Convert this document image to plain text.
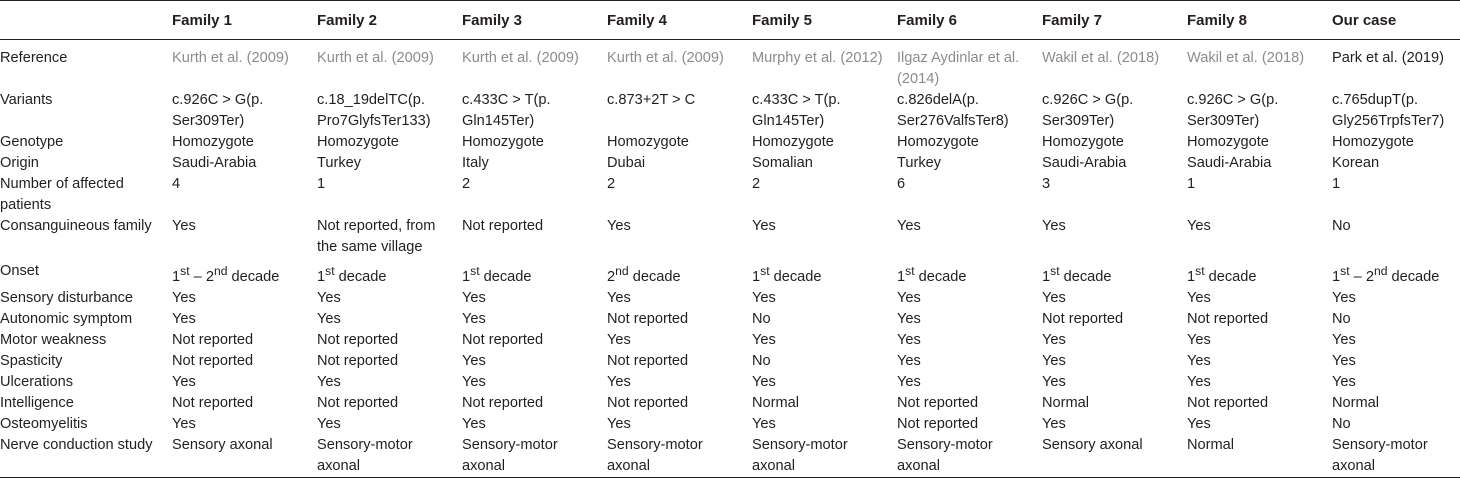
	Family 1	Family 2	Family 3	Family 4	Family 5	Family 6	Family 7	Family 8	Our case
Reference	Kurth et al. (2009)	Kurth et al. (2009)	Kurth et al. (2009)	Kurth et al. (2009)	Murphy et al. (2012)	Ilgaz Aydinlar et al. (2014)	Wakil et al. (2018)	Wakil et al. (2018)	Park et al. (2019)
Variants	c.926C > G(p. Ser309Ter)	c.18_19delTC(p. Pro7GlyfsTer133)	c.433C > T(p. Gln145Ter)	c.873+2T > C	c.433C > T(p. Gln145Ter)	c.826delA(p. Ser276ValfsTer8)	c.926C > G(p. Ser309Ter)	c.926C > G(p. Ser309Ter)	c.765dupT(p. Gly256TrpfsTer7)
Genotype	Homozygote	Homozygote	Homozygote	Homozygote	Homozygote	Homozygote	Homozygote	Homozygote	Homozygote
Origin	Saudi-Arabia	Turkey	Italy	Dubai	Somalian	Turkey	Saudi-Arabia	Saudi-Arabia	Korean
Number of affected patients	4	1	2	2	2	6	3	1	1
Consanguineous family	Yes	Not reported, from the same village	Not reported	Yes	Yes	Yes	Yes	Yes	No
Onset	1st – 2nd decade	1st decade	1st decade	2nd decade	1st decade	1st decade	1st decade	1st decade	1st – 2nd decade
Sensory disturbance	Yes	Yes	Yes	Yes	Yes	Yes	Yes	Yes	Yes
Autonomic symptom	Yes	Yes	Yes	Not reported	No	Yes	Not reported	Not reported	No
Motor weakness	Not reported	Not reported	Not reported	Yes	Yes	Yes	Yes	Yes	Yes
Spasticity	Not reported	Not reported	Yes	Not reported	No	Yes	Yes	Yes	Yes
Ulcerations	Yes	Yes	Yes	Yes	Yes	Yes	Yes	Yes	Yes
Intelligence	Not reported	Not reported	Not reported	Not reported	Normal	Not reported	Normal	Not reported	Normal
Osteomyelitis	Yes	Yes	Yes	Yes	Yes	Not reported	Yes	Yes	No
Nerve conduction study	Sensory axonal	Sensory-motor axonal	Sensory-motor axonal	Sensory-motor axonal	Sensory-motor axonal	Sensory-motor axonal	Sensory axonal	Normal	Sensory-motor axonal
